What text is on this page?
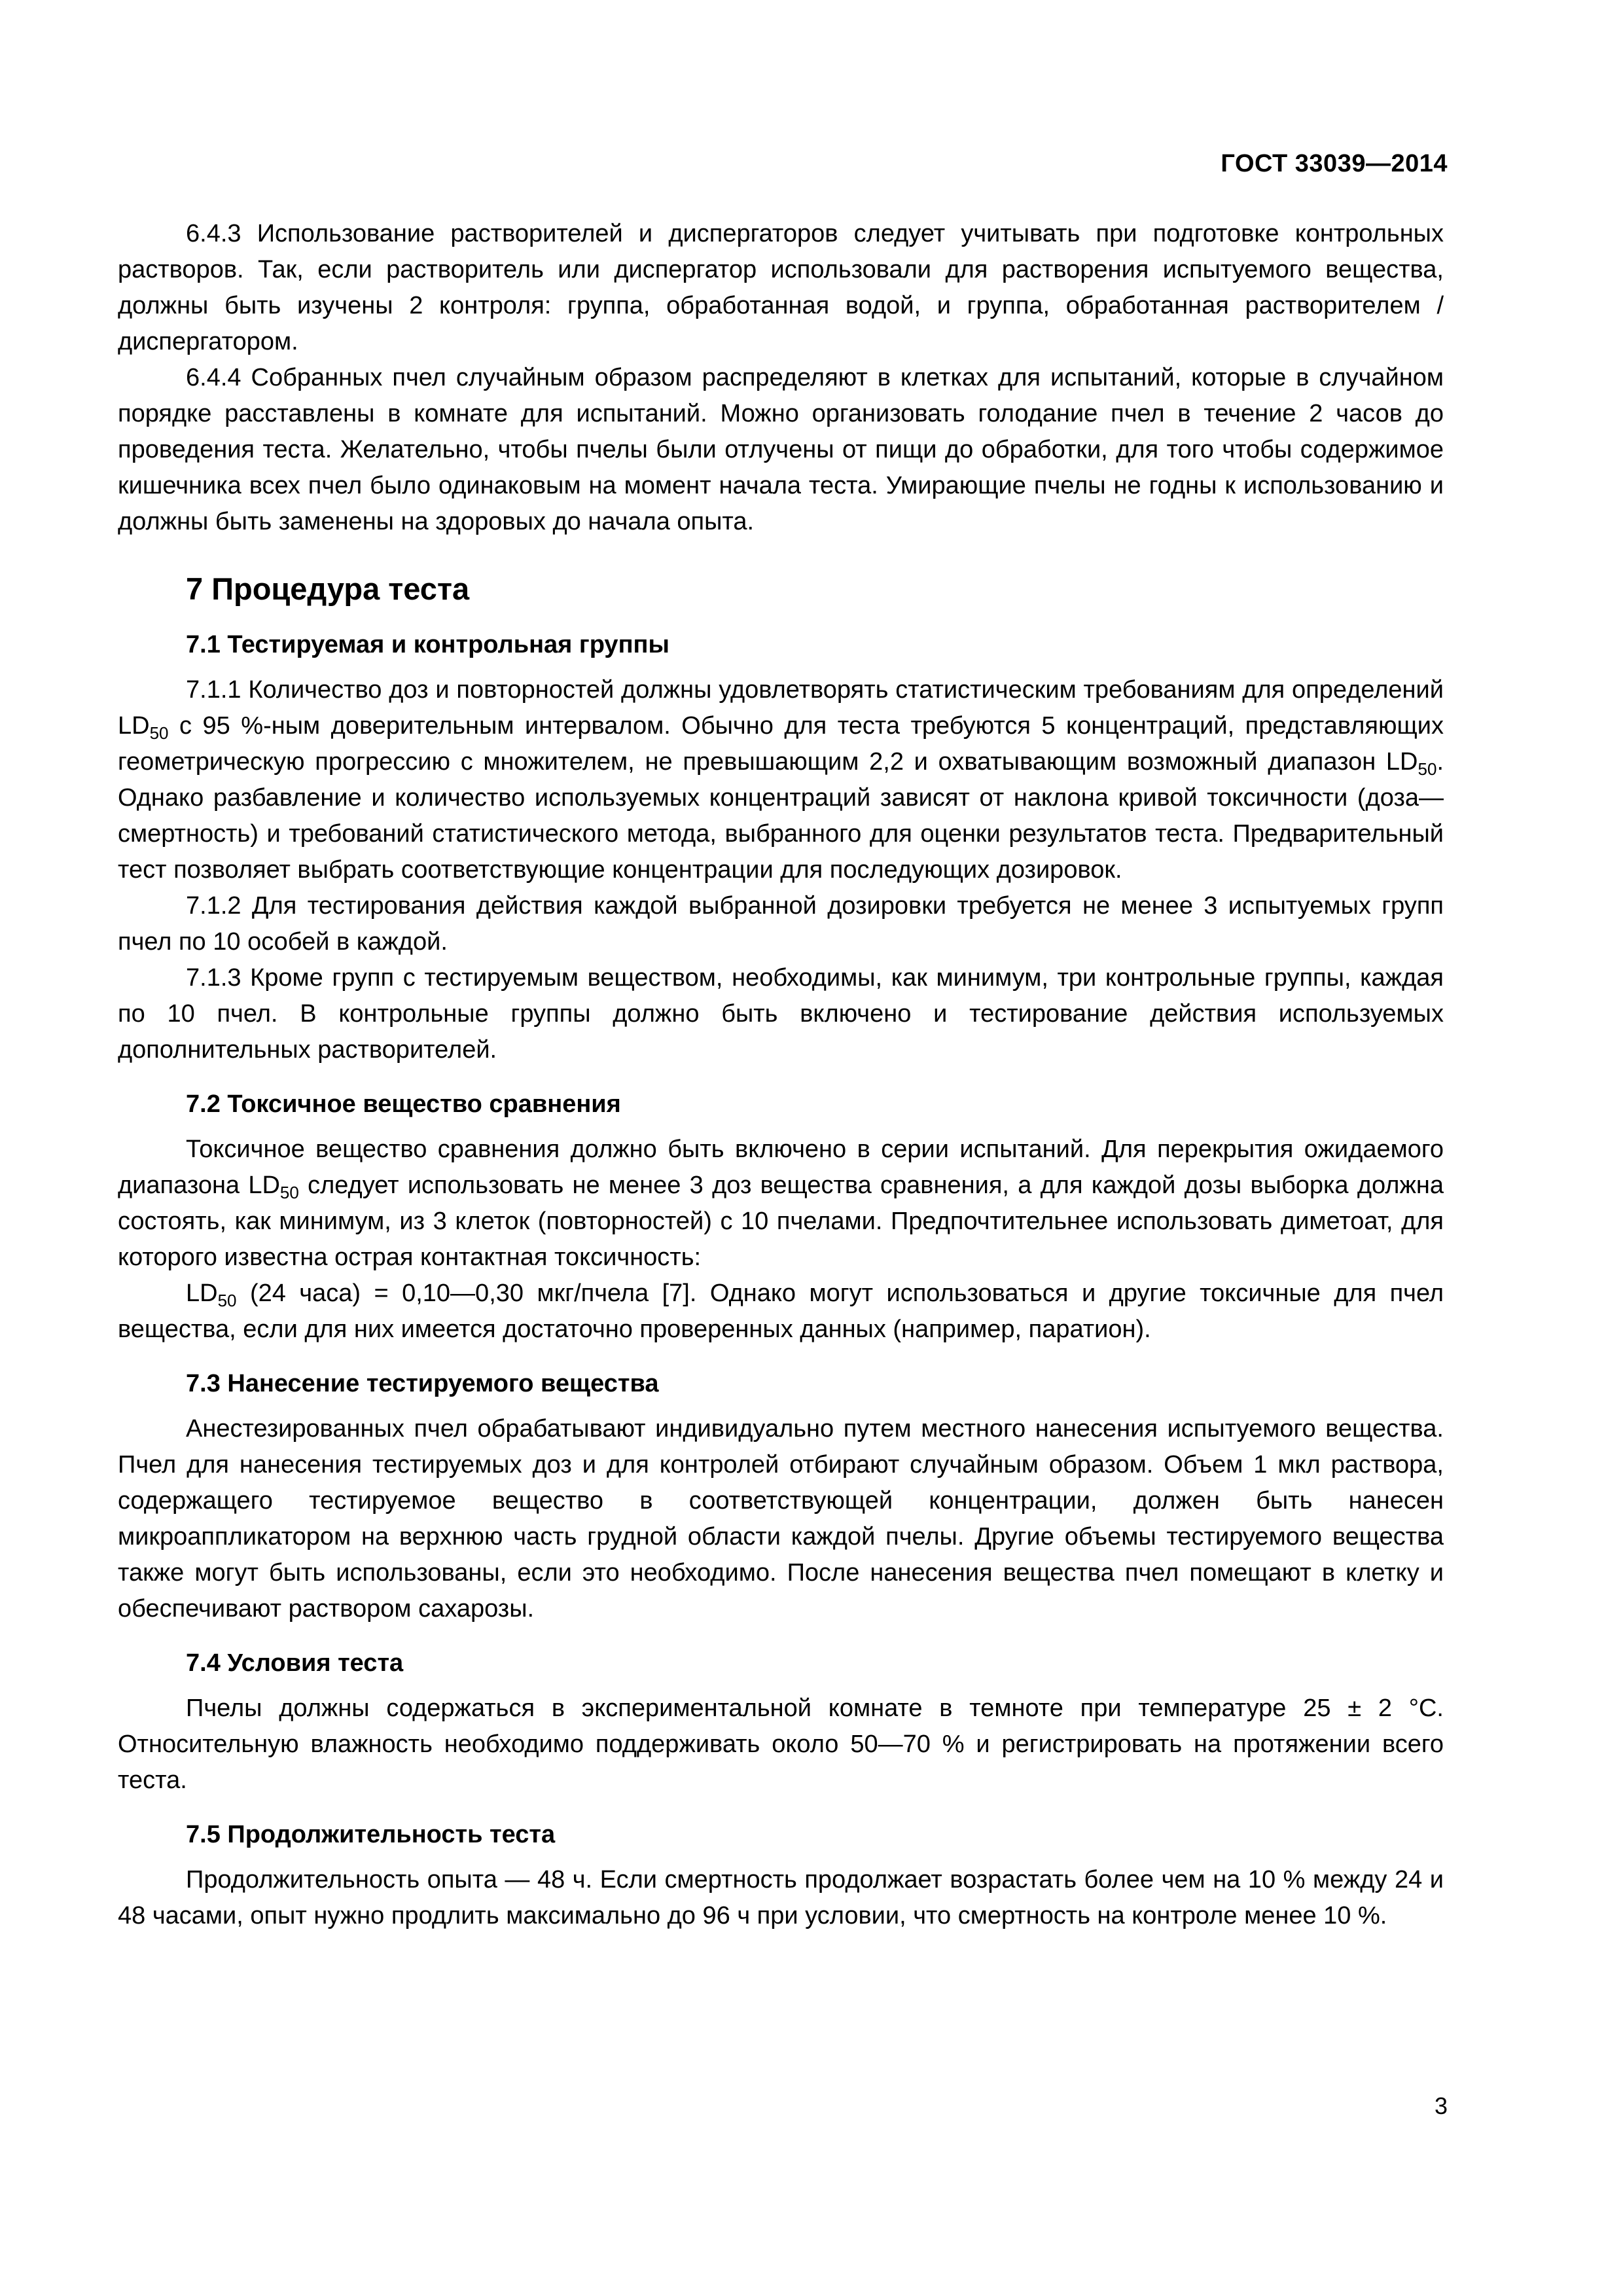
ГОСТ 33039—2014

6.4.3 Использование растворителей и диспергаторов следует учитывать при подготовке контрольных растворов. Так, если растворитель или диспергатор использовали для растворения испытуемого вещества, должны быть изучены 2 контроля: группа, обработанная водой, и группа, обработанная растворителем /диспергатором.

6.4.4 Собранных пчел случайным образом распределяют в клетках для испытаний, которые в случайном порядке расставлены в комнате для испытаний. Можно организовать голодание пчел в течение 2 часов до проведения теста. Желательно, чтобы пчелы были отлучены от пищи до обработки, для того чтобы содержимое кишечника всех пчел было одинаковым на момент начала теста. Умирающие пчелы не годны к использованию и должны быть заменены на здоровых до начала опыта.

7 Процедура теста
7.1 Тестируемая и контрольная группы

7.1.1 Количество доз и повторностей должны удовлетворять статистическим требованиям для определений $LD_{50}$ с 95 %-ным доверительным интервалом. Обычно для теста требуются 5 концентраций, представляющих геометрическую прогрессию с множителем, не превышающим 2,2 и охватывающим возможный диапазон $LD_{50}$. Однако разбавление и количество используемых концентраций зависят от наклона кривой токсичности (доза—смертность) и требований статистического метода, выбранного для оценки результатов теста. Предварительный тест позволяет выбрать соответствующие концентрации для последующих дозировок.

7.1.2 Для тестирования действия каждой выбранной дозировки требуется не менее 3 испытуемых групп пчел по 10 особей в каждой.

7.1.3 Кроме групп с тестируемым веществом, необходимы, как минимум, три контрольные группы, каждая по 10 пчел. В контрольные группы должно быть включено и тестирование действия используемых дополнительных растворителей.

7.2 Токсичное вещество сравнения

Токсичное вещество сравнения должно быть включено в серии испытаний. Для перекрытия ожидаемого диапазона $LD_{50}$ следует использовать не менее 3 доз вещества сравнения, а для каждой дозы выборка должна состоять, как минимум, из 3 клеток (повторностей) с 10 пчелами. Предпочтительнее использовать диметоат, для которого известна острая контактная токсичность:

$LD_{50}$ (24 часа) = 0,10—0,30 мкг/пчела [7]. Однако могут использоваться и другие токсичные для пчел вещества, если для них имеется достаточно проверенных данных (например, паратион).

7.3 Нанесение тестируемого вещества

Анестезированных пчел обрабатывают индивидуально путем местного нанесения испытуемого вещества. Пчел для нанесения тестируемых доз и для контролей отбирают случайным образом. Объем 1 мкл раствора, содержащего тестируемое вещество в соответствующей концентрации, должен быть нанесен микроаппликатором на верхнюю часть грудной области каждой пчелы. Другие объемы тестируемого вещества также могут быть использованы, если это необходимо. После нанесения вещества пчел помещают в клетку и обеспечивают раствором сахарозы.

7.4 Условия теста

Пчелы должны содержаться в экспериментальной комнате в темноте при температуре 25 ± 2 °С. Относительную влажность необходимо поддерживать около 50—70 % и регистрировать на протяжении всего теста.

7.5 Продолжительность теста

Продолжительность опыта — 48 ч. Если смертность продолжает возрастать более чем на 10 % между 24 и 48 часами, опыт нужно продлить максимально до 96 ч при условии, что смертность на контроле менее 10 %.

3
